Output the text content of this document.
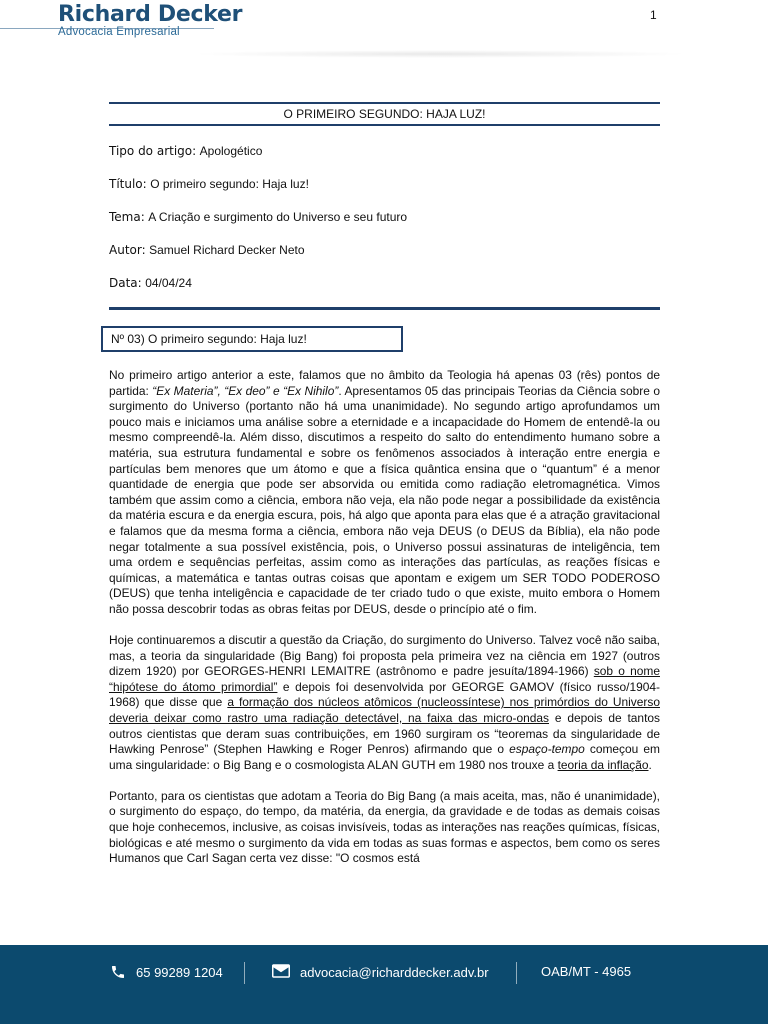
Richard Decker
Advocacia Empresarial
1
O PRIMEIRO SEGUNDO: HAJA LUZ!
Tipo do artigo: Apologético
Título: O primeiro segundo: Haja luz!
Tema: A Criação e surgimento do Universo e seu futuro
Autor: Samuel Richard Decker Neto
Data: 04/04/24
Nº 03) O primeiro segundo: Haja luz!

No primeiro artigo anterior a este, falamos que no âmbito da Teologia há apenas 03 (rês) pontos de partida: “Ex Materia”, “Ex deo” e “Ex Nihilo”. Apresentamos 05 das principais Teorias da Ciência sobre o surgimento do Universo (portanto não há uma unanimidade). No segundo artigo aprofundamos um pouco mais e iniciamos uma análise sobre a eternidade e a incapacidade do Homem de entendê-la ou mesmo compreendê-la. Além disso, discutimos a respeito do salto do entendimento humano sobre a matéria, sua estrutura fundamental e sobre os fenômenos associados à interação entre energia e partículas bem menores que um átomo e que a física quântica ensina que o “quantum” é a menor quantidade de energia que pode ser absorvida ou emitida como radiação eletromagnética. Vimos também que assim como a ciência, embora não veja, ela não pode negar a possibilidade da existência da matéria escura e da energia escura, pois, há algo que aponta para elas que é a atração gravitacional e falamos que da mesma forma a ciência, embora não veja DEUS (o DEUS da Bíblia), ela não pode negar totalmente a sua possível existência, pois, o Universo possui assinaturas de inteligência, tem uma ordem e sequências perfeitas, assim como as interações das partículas, as reações físicas e químicas, a matemática e tantas outras coisas que apontam e exigem um SER TODO PODEROSO (DEUS) que tenha inteligência e capacidade de ter criado tudo o que existe, muito embora o Homem não possa descobrir todas as obras feitas por DEUS, desde o princípio até o fim.

Hoje continuaremos a discutir a questão da Criação, do surgimento do Universo. Talvez você não saiba, mas, a teoria da singularidade (Big Bang) foi proposta pela primeira vez na ciência em 1927 (outros dizem 1920) por GEORGES-HENRI LEMAITRE (astrônomo e padre jesuíta/1894-1966) sob o nome “hipótese do átomo primordial” e depois foi desenvolvida por GEORGE GAMOV (físico russo/1904-1968) que disse que a formação dos núcleos atômicos (nucleossíntese) nos primórdios do Universo deveria deixar como rastro uma radiação detectável, na faixa das micro-ondas e depois de tantos outros cientistas que deram suas contribuições, em 1960 surgiram os “teoremas da singularidade de Hawking Penrose” (Stephen Hawking e Roger Penros) afirmando que o espaço-tempo começou em uma singularidade: o Big Bang e o cosmologista ALAN GUTH em 1980 nos trouxe a teoria da inflação.

Portanto, para os cientistas que adotam a Teoria do Big Bang (a mais aceita, mas, não é unanimidade), o surgimento do espaço, do tempo, da matéria, da energia, da gravidade e de todas as demais coisas que hoje conhecemos, inclusive, as coisas invisíveis, todas as interações nas reações químicas, físicas, biológicas e até mesmo o surgimento da vida em todas as suas formas e aspectos, bem como os seres Humanos que Carl Sagan certa vez disse: "O cosmos está

65 99289 1204	advocacia@richarddecker.adv.br	OAB/MT - 4965
